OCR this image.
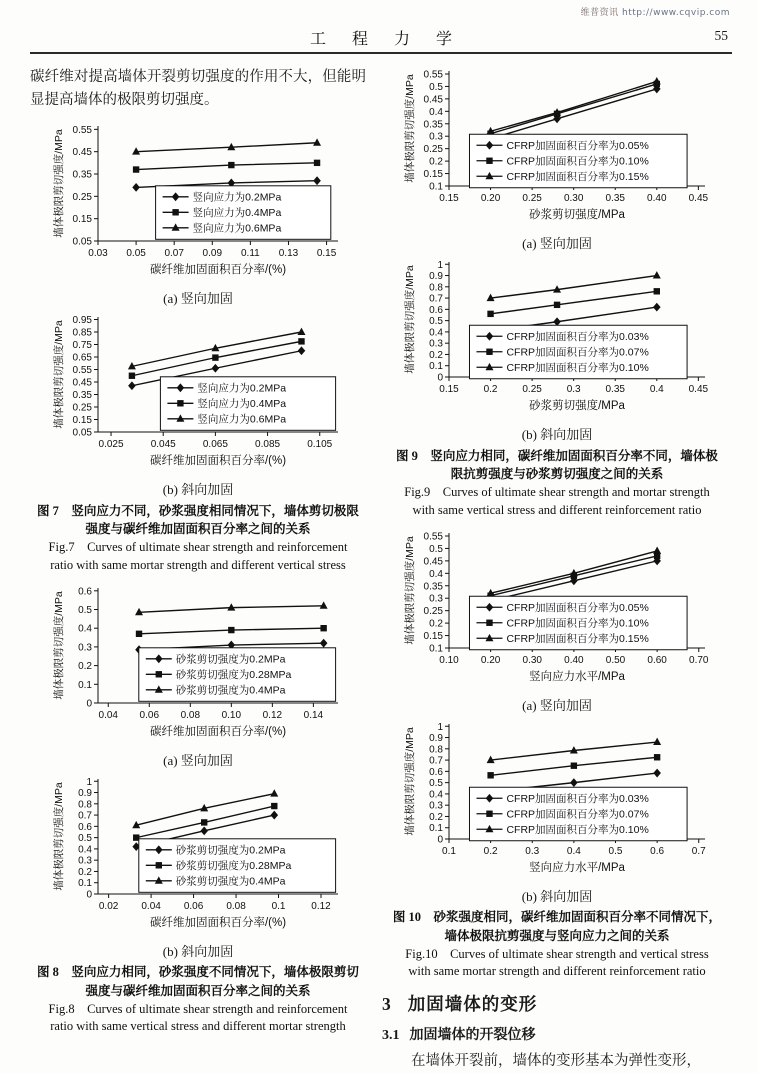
维普资讯 http://www.cqvip.com
工程力学	55

碳纤维对提高墙体开裂剪切强度的作用不大，但能明显提高墙体的极限剪切强度。

0.05
0.15
0.25
0.35
0.45
0.55
0.03 0.05 0.07 0.09 0.11 0.13 0.15
墙体极限剪切强度/MPa
碳纤维加固面积百分率/(%)
竖向应力为0.2MPa
竖向应力为0.4MPa
竖向应力为0.6MPa
(a) 竖向加固
0.05
0.15
0.25
0.35
0.45
0.55
0.65
0.75
0.85
0.95
0.025	0.045	0.065	0.085	0.105
墙体极限剪切强度/MPa
碳纤维加固面积百分率/(%)
竖向应力为0.2MPa
竖向应力为0.4MPa
竖向应力为0.6MPa
(b) 斜向加固
图 7　竖向应力不同，砂浆强度相同情况下，墙体剪切极限
强度与碳纤维加固面积百分率之间的关系
Fig.7　Curves of ultimate shear strength and reinforcement
ratio with same mortar strength and different vertical stress
0
0.1
0.2
0.3
0.4
0.5
0.6
0.04 0.06 0.08 0.10 0.12 0.14
墙体极限剪切强度/MPa
碳纤维加固面积百分率/(%)
砂浆剪切强度为0.2MPa
砂浆剪切强度为0.28MPa
砂浆剪切强度为0.4MPa
(a) 竖向加固
0
0.1
0.2
0.3
0.4
0.5
0.6
0.7
0.8
0.9
1
0.02 0.04 0.06 0.08	0.1	0.12
墙体极限剪切强度/MPa
碳纤维加固面积百分率/(%)
砂浆剪切强度为0.2MPa
砂浆剪切强度为0.28MPa
砂浆剪切强度为0.4MPa
(b) 斜向加固
图 8　竖向应力相同，砂浆强度不同情况下，墙体极限剪切
强度与碳纤维加固面积百分率之间的关系
Fig.8　Curves of ultimate shear strength and reinforcement
ratio with same vertical stress and different mortar strength
0.1
0.15
0.2
0.25
0.3
0.35
0.4
0.45
0.5
0.55
0.15 0.20 0.25 0.30 0.35 0.40 0.45
墙体极限剪切强度/MPa
砂浆剪切强度/MPa
CFRP加固面积百分率为0.05%
CFRP加固面积百分率为0.10%
CFRP加固面积百分率为0.15%
(a) 竖向加固
0
0.1
0.2
0.3
0.4
0.5
0.6
0.7
0.8
0.9
1
0.15 0.2 0.25 0.3 0.35 0.4 0.45
墙体极限剪切强度/MPa
砂浆剪切强度/MPa
CFRP加固面积百分率为0.03%
CFRP加固面积百分率为0.07%
CFRP加固面积百分率为0.10%
(b) 斜向加固
图 9　竖向应力相同，碳纤维加固面积百分率不同，墙体极
限抗剪强度与砂浆剪切强度之间的关系
Fig.9　Curves of ultimate shear strength and mortar strength
with same vertical stress and different reinforcement ratio
0.1
0.15
0.2
0.25
0.3
0.35
0.4
0.45
0.5
0.55
0.10 0.20 0.30 0.40 0.50 0.60 0.70
墙体极限剪切强度/MPa
竖向应力水平/MPa
CFRP加固面积百分率为0.05%
CFRP加固面积百分率为0.10%
CFRP加固面积百分率为0.15%
(a) 竖向加固
0
0.1
0.2
0.3
0.4
0.5
0.6
0.7
0.8
0.9
1
0.1	0.2	0.3	0.4	0.5	0.6	0.7
墙体极限剪切强度/MPa
竖向应力水平/MPa
CFRP加固面积百分率为0.03%
CFRP加固面积百分率为0.07%
CFRP加固面积百分率为0.10%
(b) 斜向加固
图 10　砂浆强度相同，碳纤维加固面积百分率不同情况下，
墙体极限抗剪强度与竖向应力之间的关系
Fig.10　Curves of ultimate shear strength and vertical stress
with same mortar strength and different reinforcement ratio
3 加固墙体的变形
3.1 加固墙体的开裂位移

在墙体开裂前，墙体的变形基本为弹性变形，
